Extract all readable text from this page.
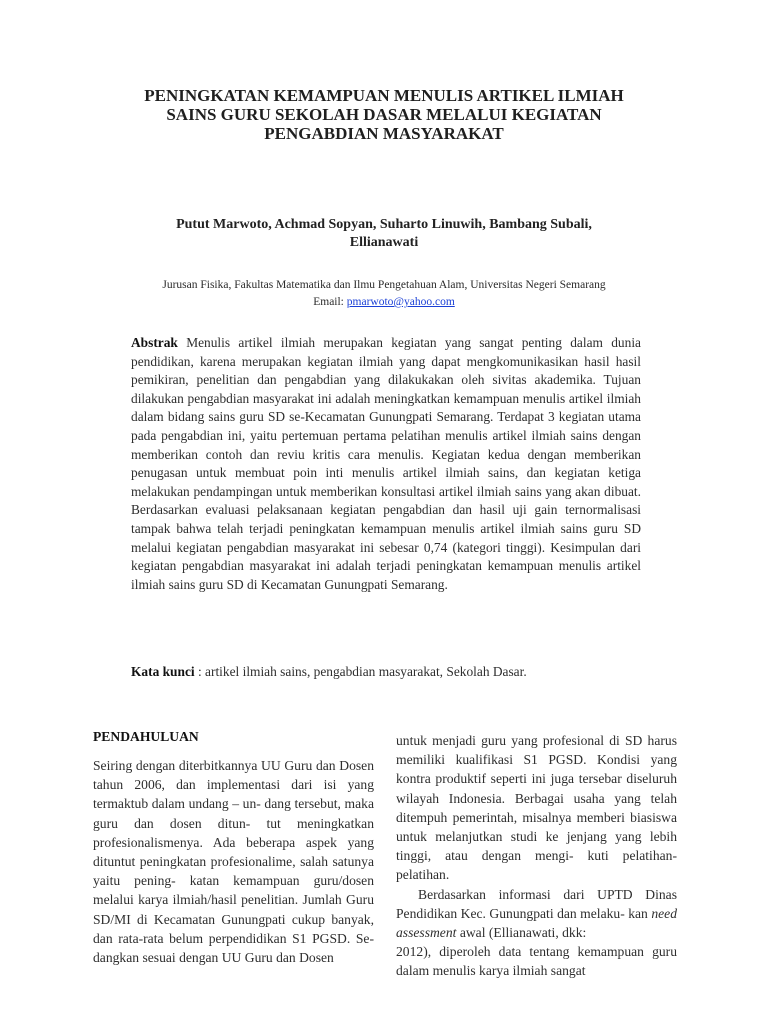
PENINGKATAN KEMAMPUAN MENULIS ARTIKEL ILMIAH SAINS GURU SEKOLAH DASAR MELALUI KEGIATAN PENGABDIAN MASYARAKAT
Putut Marwoto, Achmad Sopyan, Suharto Linuwih, Bambang Subali, Ellianawati
Jurusan Fisika, Fakultas Matematika dan Ilmu Pengetahuan Alam, Universitas Negeri Semarang
Email: pmarwoto@yahoo.com
Abstrak Menulis artikel ilmiah merupakan kegiatan yang sangat penting dalam dunia pendidikan, karena merupakan kegiatan ilmiah yang dapat mengkomunikasikan hasil hasil pemikiran, penelitian dan pengabdian yang dilakukakan oleh sivitas akademika. Tujuan dilakukan pengabdian masyarakat ini adalah meningkatkan kemampuan menulis artikel ilmiah dalam bidang sains guru SD se-Kecamatan Gunungpati Semarang. Terdapat 3 kegiatan utama pada pengabdian ini, yaitu pertemuan pertama pelatihan menulis artikel ilmiah sains dengan memberikan contoh dan reviu kritis cara menulis. Kegiatan kedua dengan memberikan penugasan untuk membuat poin inti menulis artikel ilmiah sains, dan kegiatan ketiga melakukan pendampingan untuk memberikan konsultasi artikel ilmiah sains yang akan dibuat. Berdasarkan evaluasi pelaksanaan kegiatan pengabdian dan hasil uji gain ternormalisasi tampak bahwa telah terjadi peningkatan kemampuan menulis artikel ilmiah sains guru SD melalui kegiatan pengabdian masyarakat ini sebesar 0,74 (kategori tinggi). Kesimpulan dari kegiatan pengabdian masyarakat ini adalah terjadi peningkatan kemampuan menulis artikel ilmiah sains guru SD di Kecamatan Gunungpati Semarang.
Kata kunci : artikel ilmiah sains, pengabdian masyarakat, Sekolah Dasar.
PENDAHULUAN

Seiring dengan diterbitkannya UU Guru dan Dosen tahun 2006, dan implementasi dari isi yang termaktub dalam undang – un- dang tersebut, maka guru dan dosen ditun- tut meningkatkan profesionalismenya. Ada beberapa aspek yang dituntut peningkatan profesionalime, salah satunya yaitu pening- katan kemampuan guru/dosen melalui karya ilmiah/hasil penelitian. Jumlah Guru SD/MI di Kecamatan Gunungpati cukup banyak, dan rata-rata belum perpendidikan S1 PGSD. Se- dangkan sesuai dengan UU Guru dan Dosen

untuk menjadi guru yang profesional di SD harus memiliki kualifikasi S1 PGSD. Kondisi yang kontra produktif seperti ini juga tersebar diseluruh wilayah Indonesia. Berbagai usaha yang telah ditempuh pemerintah, misalnya memberi biasiswa untuk melanjutkan studi ke jenjang yang lebih tinggi, atau dengan mengi- kuti pelatihan-pelatihan.

Berdasarkan informasi dari UPTD Dinas Pendidikan Kec. Gunungpati dan melaku- kan need assessment awal (Ellianawati, dkk:

2012), diperoleh data tentang kemampuan guru dalam menulis karya ilmiah sangat
